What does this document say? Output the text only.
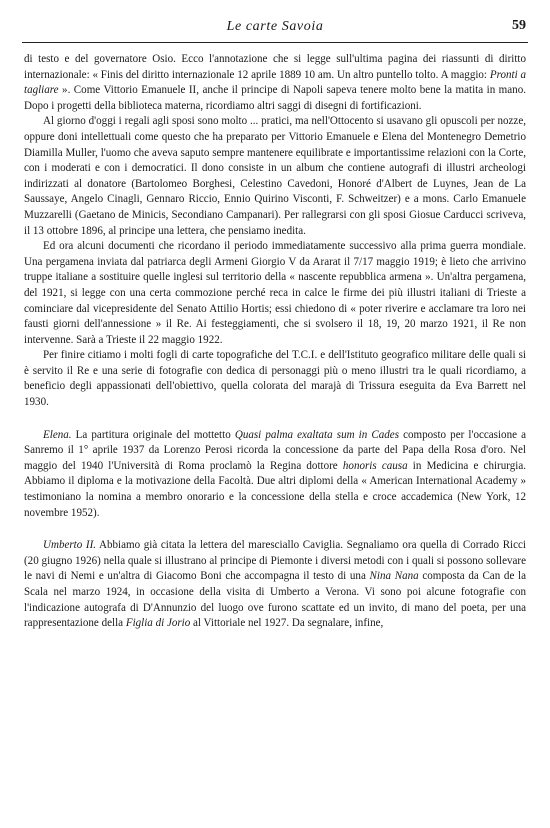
Le carte Savoia	59

di testo e del governatore Osio. Ecco l'annotazione che si legge sull'ultima pagina dei riassunti di diritto internazionale: « Finis del diritto internazionale 12 aprile 1889 10 am. Un altro puntello tolto. A maggio: Pronti a tagliare ». Come Vittorio Emanuele II, anche il principe di Napoli sapeva tenere molto bene la matita in mano. Dopo i progetti della biblioteca materna, ricordiamo altri saggi di disegni di fortificazioni.

Al giorno d'oggi i regali agli sposi sono molto ... pratici, ma nell'Ottocento si usavano gli opuscoli per nozze, oppure doni intellettuali come questo che ha preparato per Vittorio Emanuele e Elena del Montenegro Demetrio Diamilla Muller, l'uomo che aveva saputo sempre mantenere equilibrate e importantissime relazioni con la Corte, con i moderati e con i democratici. Il dono consiste in un album che contiene autografi di illustri archeologi indirizzati al donatore (Bartolomeo Borghesi, Celestino Cavedoni, Honoré d'Albert de Luynes, Jean de La Saussaye, Angelo Cinagli, Gennaro Riccio, Ennio Quirino Visconti, F. Schweitzer) e a mons. Carlo Emanuele Muzzarelli (Gaetano de Minicis, Secondiano Campanari). Per rallegrarsi con gli sposi Giosue Carducci scriveva, il 13 ottobre 1896, al principe una lettera, che pensiamo inedita.

Ed ora alcuni documenti che ricordano il periodo immediatamente successivo alla prima guerra mondiale. Una pergamena inviata dal patriarca degli Armeni Giorgio V da Ararat il 7/17 maggio 1919; è lieto che arrivino truppe italiane a sostituire quelle inglesi sul territorio della « nascente repubblica armena ». Un'altra pergamena, del 1921, si legge con una certa commozione perché reca in calce le firme dei più illustri italiani di Trieste a cominciare dal vicepresidente del Senato Attilio Hortis; essi chiedono di « poter riverire e acclamare tra loro nei fausti giorni dell'annessione » il Re. Ai festeggiamenti, che si svolsero il 18, 19, 20 marzo 1921, il Re non intervenne. Sarà a Trieste il 22 maggio 1922.

Per finire citiamo i molti fogli di carte topografiche del T.C.I. e dell'Istituto geografico militare delle quali si è servito il Re e una serie di fotografie con dedica di personaggi più o meno illustri tra le quali ricordiamo, a beneficio degli appassionati dell'obiettivo, quella colorata del marajà di Trissura eseguita da Eva Barrett nel 1930.

Elena. La partitura originale del mottetto Quasi palma exaltata sum in Cades composto per l'occasione a Sanremo il 1° aprile 1937 da Lorenzo Perosi ricorda la concessione da parte del Papa della Rosa d'oro. Nel maggio del 1940 l'Università di Roma proclamò la Regina dottore honoris causa in Medicina e chirurgia. Abbiamo il diploma e la motivazione della Facoltà. Due altri diplomi della « American International Academy » testimoniano la nomina a membro onorario e la concessione della stella e croce accademica (New York, 12 novembre 1952).

Umberto II. Abbiamo già citata la lettera del maresciallo Caviglia. Segnaliamo ora quella di Corrado Ricci (20 giugno 1926) nella quale si illustrano al principe di Piemonte i diversi metodi con i quali si possono sollevare le navi di Nemi e un'altra di Giacomo Boni che accompagna il testo di una Nina Nana composta da Can de la Scala nel marzo 1924, in occasione della visita di Umberto a Verona. Vi sono poi alcune fotografie con l'indicazione autografa di D'Annunzio del luogo ove furono scattate ed un invito, di mano del poeta, per una rappresentazione della Figlia di Jorio al Vittoriale nel 1927. Da segnalare, infine,
